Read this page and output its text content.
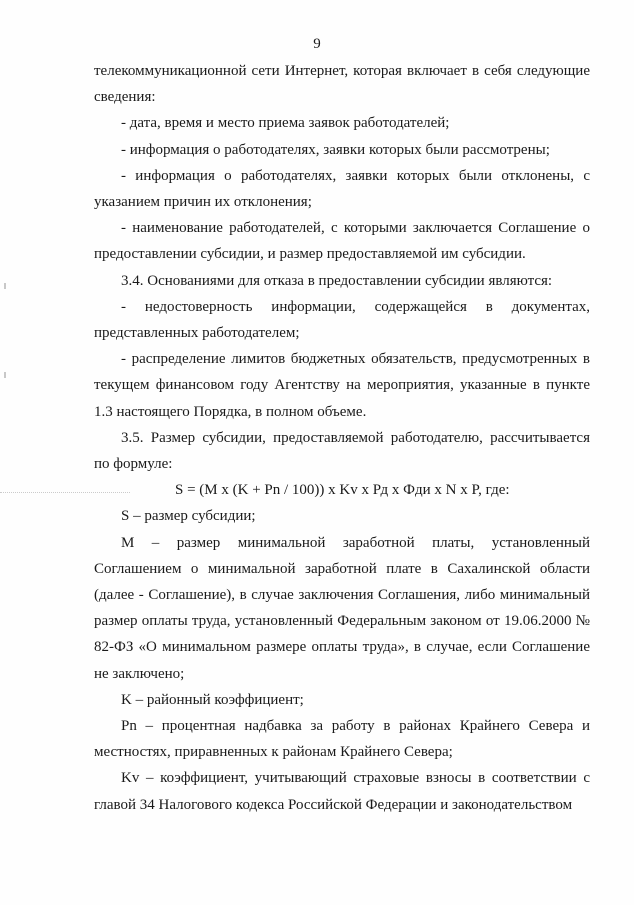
9

телекоммуникационной сети Интернет, которая включает в себя следующие сведения:

- дата, время и место приема заявок работодателей;

- информация о работодателях, заявки которых были рассмотрены;

- информация о работодателях, заявки которых были отклонены, с указанием причин их отклонения;

- наименование работодателей, с которыми заключается Соглашение о предоставлении субсидии, и размер предоставляемой им субсидии.

3.4. Основаниями для отказа в предоставлении субсидии являются:

- недостоверность информации, содержащейся в документах, представленных работодателем;

- распределение лимитов бюджетных обязательств, предусмотренных в текущем финансовом году Агентству на мероприятия, указанные в пункте 1.3 настоящего Порядка, в полном объеме.

3.5. Размер субсидии, предоставляемой работодателю, рассчитывается по формуле:

S = (M x (K + Pn / 100)) x Kv x Рд x Фди x N x P, где:

S – размер субсидии;

M – размер минимальной заработной платы, установленный Соглашением о минимальной заработной плате в Сахалинской области (далее - Соглашение), в случае заключения Соглашения, либо минимальный размер оплаты труда, установленный Федеральным законом от 19.06.2000 № 82-ФЗ «О минимальном размере оплаты труда», в случае, если Соглашение не заключено;

K – районный коэффициент;

Pn – процентная надбавка за работу в районах Крайнего Севера и местностях, приравненных к районам Крайнего Севера;

Kv – коэффициент, учитывающий страховые взносы в соответствии с главой 34 Налогового кодекса Российской Федерации и законодательством
